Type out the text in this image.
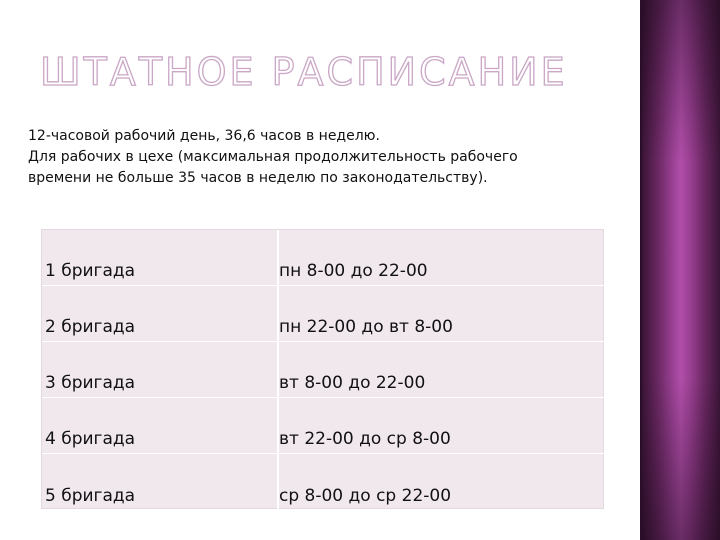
ШТАТНОЕ РАСПИСАНИЕ
12-часовой рабочий день, 36,6 часов в неделю.
Для рабочих в цехе (максимальная продолжительность рабочего
времени не больше 35 часов в неделю по законодательству).
1 бригада	пн 8-00 до 22-00
2 бригада	пн 22-00 до вт 8-00
3 бригада	вт 8-00 до 22-00
4 бригада	вт 22-00 до ср 8-00
5 бригада	ср 8-00 до ср 22-00
